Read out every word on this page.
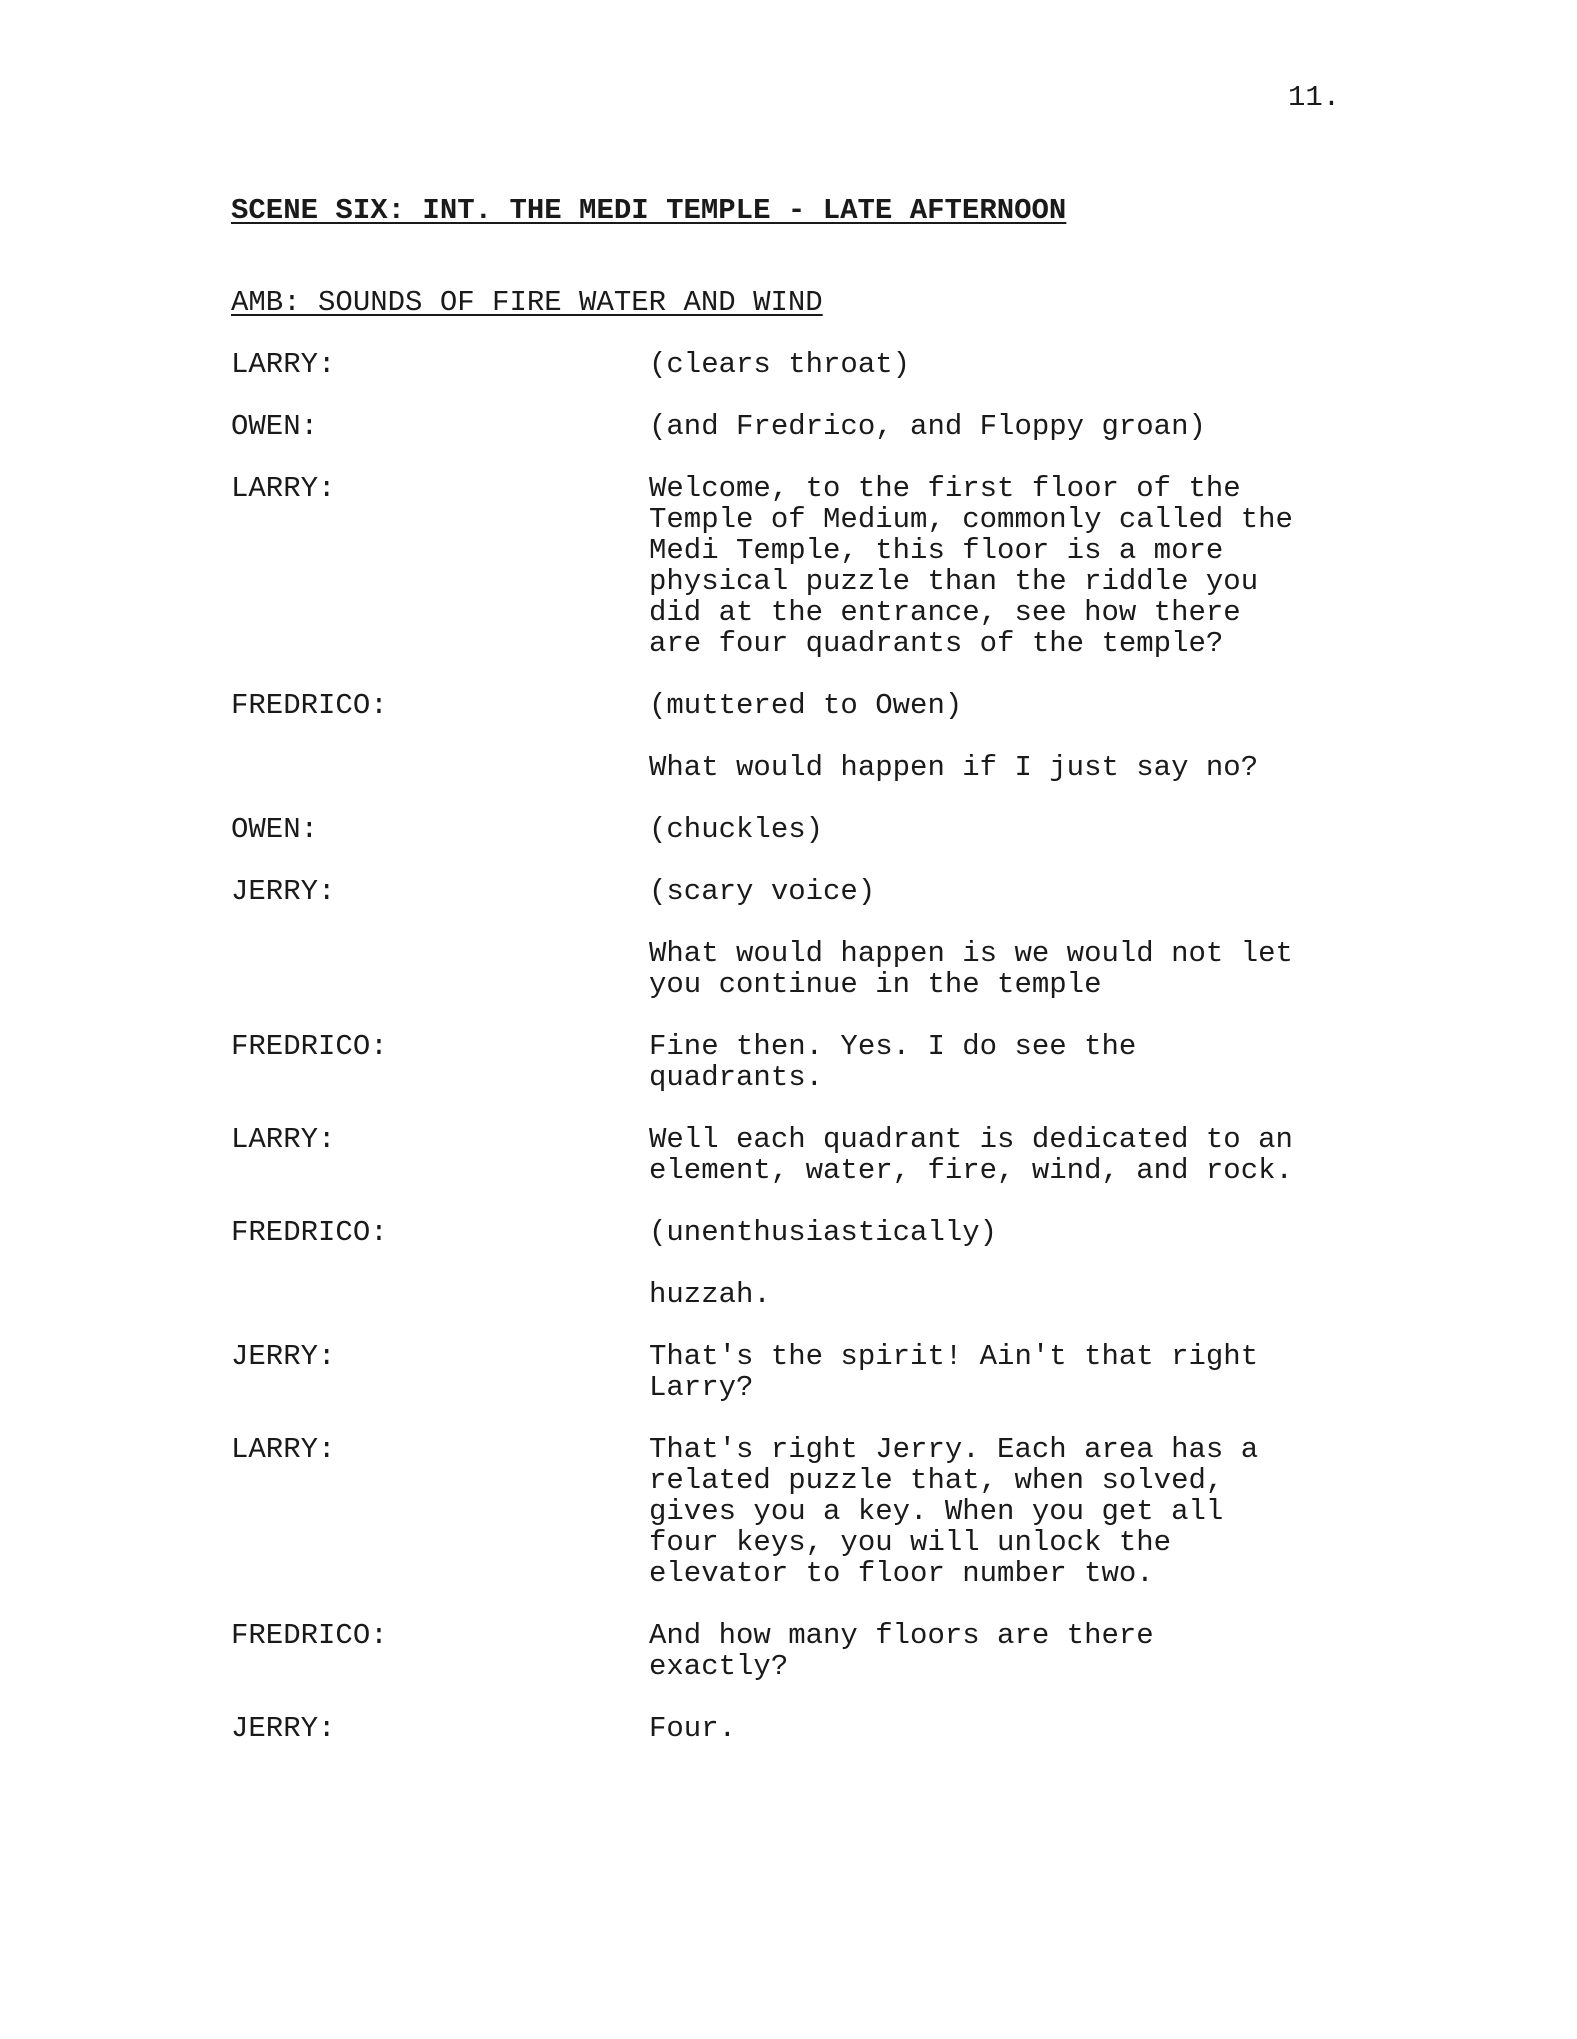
11.
SCENE SIX: INT. THE MEDI TEMPLE - LATE AFTERNOON
AMB: SOUNDS OF FIRE WATER AND WIND
LARRY:	(clears throat)
OWEN:	(and Fredrico, and Floppy groan)
LARRY:	Welcome, to the first floor of the
Temple of Medium, commonly called the
Medi Temple, this floor is a more
physical puzzle than the riddle you
did at the entrance, see how there
are four quadrants of the temple?
FREDRICO:	(muttered to Owen)
What would happen if I just say no?
OWEN:	(chuckles)
JERRY:	(scary voice)
What would happen is we would not let
you continue in the temple
FREDRICO:	Fine then. Yes. I do see the
quadrants.
LARRY:	Well each quadrant is dedicated to an
element, water, fire, wind, and rock.
FREDRICO:	(unenthusiastically)
huzzah.
JERRY:	That's the spirit! Ain't that right
Larry?
LARRY:	That's right Jerry. Each area has a
related puzzle that, when solved,
gives you a key. When you get all
four keys, you will unlock the
elevator to floor number two.
FREDRICO:	And how many floors are there
exactly?
JERRY:	Four.
